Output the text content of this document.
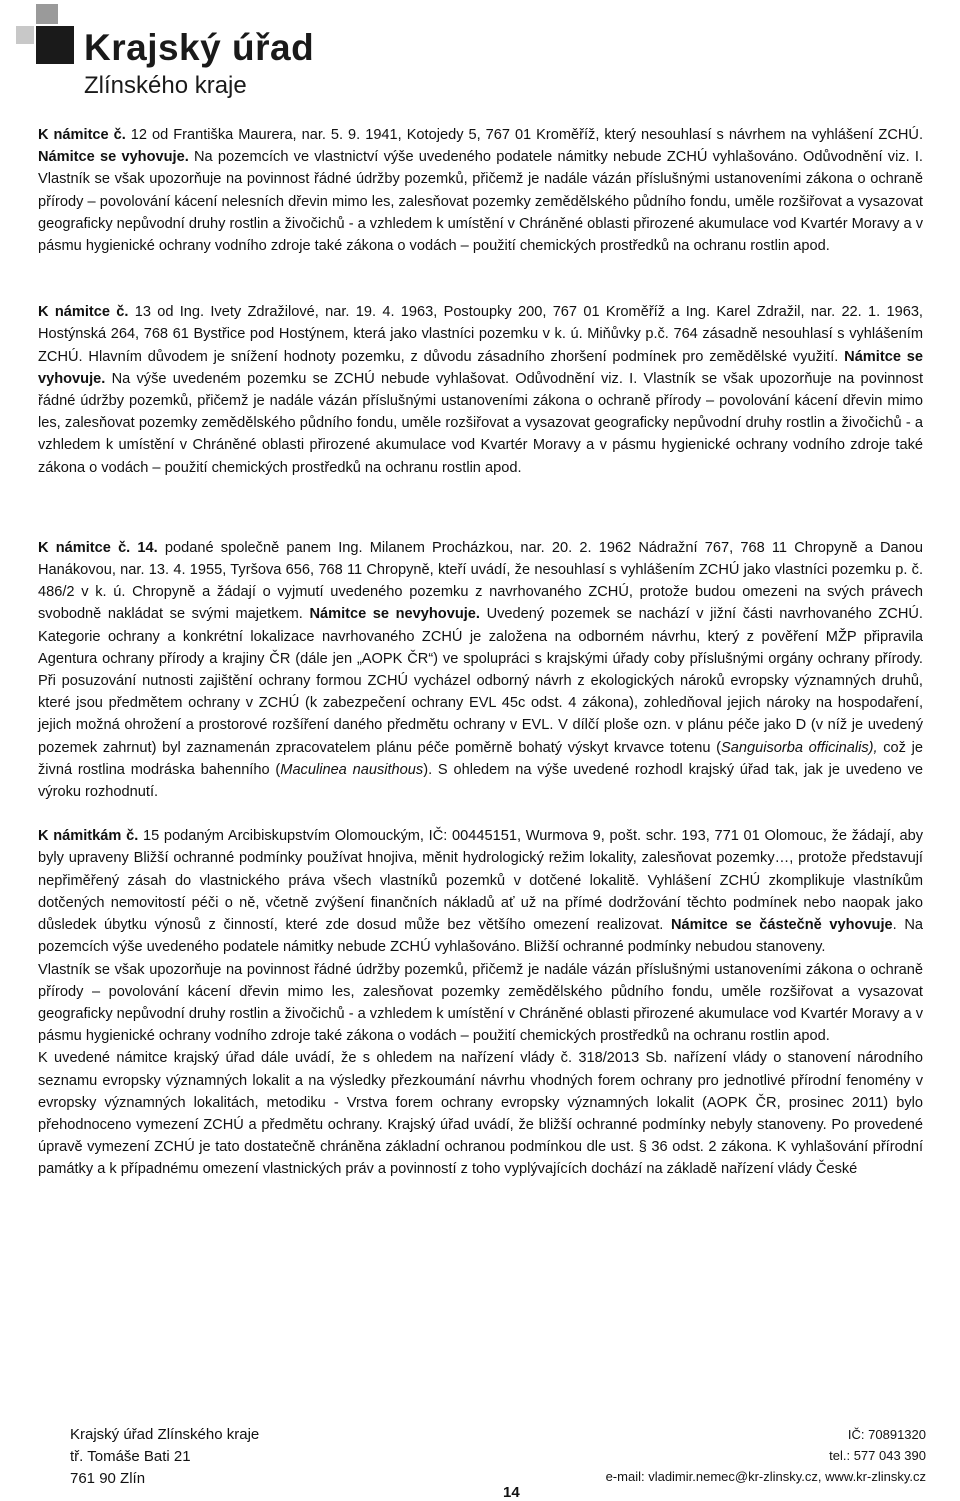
Krajský úřad
Zlínského kraje

K námitce č. 12 od Františka Maurera, nar. 5. 9. 1941, Kotojedy 5, 767 01 Kroměříž, který nesouhlasí s návrhem na vyhlášení ZCHÚ. Námitce se vyhovuje. Na pozemcích ve vlastnictví výše uvedeného podatele námitky nebude ZCHÚ vyhlašováno. Odůvodnění viz. I. Vlastník se však upozorňuje na povinnost řádné údržby pozemků, přičemž je nadále vázán příslušnými ustanoveními zákona o ochraně přírody – povolování kácení nelesních dřevin mimo les, zalesňovat pozemky zemědělského půdního fondu, uměle rozšiřovat a vysazovat geograficky nepůvodní druhy rostlin a živočichů - a vzhledem k umístění v Chráněné oblasti přirozené akumulace vod Kvartér Moravy a v pásmu hygienické ochrany vodního zdroje také zákona o vodách – použití chemických prostředků na ochranu rostlin apod.

K námitce č. 13 od Ing. Ivety Zdražilové, nar. 19. 4. 1963, Postoupky 200, 767 01 Kroměříž a Ing. Karel Zdražil, nar. 22. 1. 1963, Hostýnská 264, 768 61 Bystřice pod Hostýnem, která jako vlastníci pozemku v k. ú. Miňůvky p.č. 764 zásadně nesouhlasí s vyhlášením ZCHÚ. Hlavním důvodem je snížení hodnoty pozemku, z důvodu zásadního zhoršení podmínek pro zemědělské využití. Námitce se vyhovuje. Na výše uvedeném pozemku se ZCHÚ nebude vyhlašovat. Odůvodnění viz. I. Vlastník se však upozorňuje na povinnost řádné údržby pozemků, přičemž je nadále vázán příslušnými ustanoveními zákona o ochraně přírody – povolování kácení dřevin mimo les, zalesňovat pozemky zemědělského půdního fondu, uměle rozšiřovat a vysazovat geograficky nepůvodní druhy rostlin a živočichů - a vzhledem k umístění v Chráněné oblasti přirozené akumulace vod Kvartér Moravy a v pásmu hygienické ochrany vodního zdroje také zákona o vodách – použití chemických prostředků na ochranu rostlin apod.

K námitce č. 14. podané společně panem Ing. Milanem Procházkou, nar. 20. 2. 1962 Nádražní 767, 768 11 Chropyně a Danou Hanákovou, nar. 13. 4. 1955, Tyršova 656, 768 11 Chropyně, kteří uvádí, že nesouhlasí s vyhlášením ZCHÚ jako vlastníci pozemku p. č. 486/2 v k. ú. Chropyně a žádají o vyjmutí uvedeného pozemku z navrhovaného ZCHÚ, protože budou omezeni na svých právech svobodně nakládat se svými majetkem. Námitce se nevyhovuje. Uvedený pozemek se nachází v jižní části navrhovaného ZCHÚ. Kategorie ochrany a konkrétní lokalizace navrhovaného ZCHÚ je založena na odborném návrhu, který z pověření MŽP připravila Agentura ochrany přírody a krajiny ČR (dále jen „AOPK ČR“) ve spolupráci s krajskými úřady coby příslušnými orgány ochrany přírody. Při posuzování nutnosti zajištění ochrany formou ZCHÚ vycházel odborný návrh z ekologických nároků evropsky významných druhů, které jsou předmětem ochrany v ZCHÚ (k zabezpečení ochrany EVL 45c odst. 4 zákona), zohledňoval jejich nároky na hospodaření, jejich možná ohrožení a prostorové rozšíření daného předmětu ochrany v EVL. V dílčí ploše ozn. v plánu péče jako D (v níž je uvedený pozemek zahrnut) byl zaznamenán zpracovatelem plánu péče poměrně bohatý výskyt krvavce totenu (Sanguisorba officinalis), což je živná rostlina modráska bahenního (Maculinea nausithous). S ohledem na výše uvedené rozhodl krajský úřad tak, jak je uvedeno ve výroku rozhodnutí.

K námitkám č. 15 podaným Arcibiskupstvím Olomouckým, IČ: 00445151, Wurmova 9, pošt. schr. 193, 771 01 Olomouc, že žádají, aby byly upraveny Bližší ochranné podmínky používat hnojiva, měnit hydrologický režim lokality, zalesňovat pozemky…, protože představují nepřiměřený zásah do vlastnického práva všech vlastníků pozemků v dotčené lokalitě. Vyhlášení ZCHÚ zkomplikuje vlastníkům dotčených nemovitostí péči o ně, včetně zvýšení finančních nákladů ať už na přímé dodržování těchto podmínek nebo naopak jako důsledek úbytku výnosů z činností, které zde dosud může bez většího omezení realizovat. Námitce se částečně vyhovuje. Na pozemcích výše uvedeného podatele námitky nebude ZCHÚ vyhlašováno. Bližší ochranné podmínky nebudou stanoveny.

Vlastník se však upozorňuje na povinnost řádné údržby pozemků, přičemž je nadále vázán příslušnými ustanoveními zákona o ochraně přírody – povolování kácení dřevin mimo les, zalesňovat pozemky zemědělského půdního fondu, uměle rozšiřovat a vysazovat geograficky nepůvodní druhy rostlin a živočichů - a vzhledem k umístění v Chráněné oblasti přirozené akumulace vod Kvartér Moravy a v pásmu hygienické ochrany vodního zdroje také zákona o vodách – použití chemických prostředků na ochranu rostlin apod.

K uvedené námitce krajský úřad dále uvádí, že s ohledem na nařízení vlády č. 318/2013 Sb. nařízení vlády o stanovení národního seznamu evropsky významných lokalit a na výsledky přezkoumání návrhu vhodných forem ochrany pro jednotlivé přírodní fenomény v evropsky významných lokalitách, metodiku - Vrstva forem ochrany evropsky významných lokalit (AOPK ČR, prosinec 2011) bylo přehodnoceno vymezení ZCHÚ a předmětu ochrany. Krajský úřad uvádí, že bližší ochranné podmínky nebyly stanoveny. Po provedené úpravě vymezení ZCHÚ je tato dostatečně chráněna základní ochranou podmínkou dle ust. § 36 odst. 2 zákona. K vyhlašování přírodní památky a k případnému omezení vlastnických práv a povinností z toho vyplývajících dochází na základě nařízení vlády České

Krajský úřad Zlínského kraje
tř. Tomáše Bati 21
761 90 Zlín
IČ: 70891320
tel.: 577 043 390
e-mail: vladimir.nemec@kr-zlinsky.cz, www.kr-zlinsky.cz
14
